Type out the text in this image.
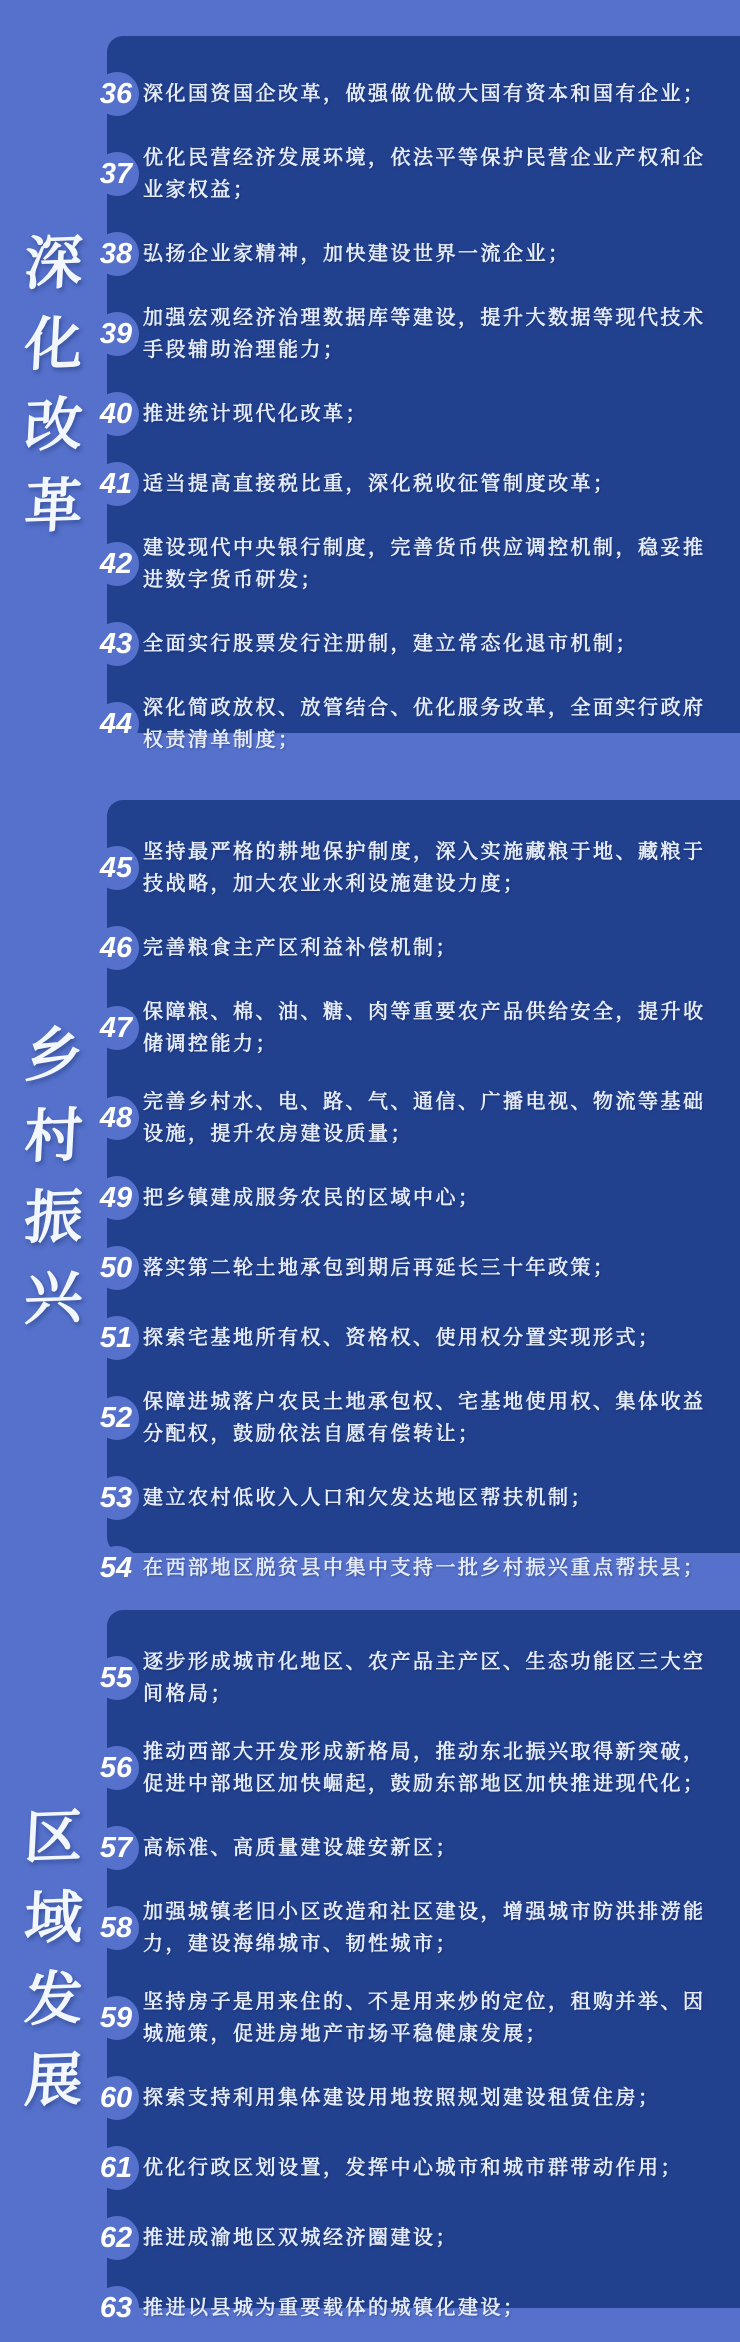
深
化
改
革
36 深化国资国企改革，做强做优做大国有资本和国有企业；
37 优化民营经济发展环境，依法平等保护民营企业产权和企业家权益；
38 弘扬企业家精神，加快建设世界一流企业；
39 加强宏观经济治理数据库等建设，提升大数据等现代技术手段辅助治理能力；
40 推进统计现代化改革；
41 适当提高直接税比重，深化税收征管制度改革；
42 建设现代中央银行制度，完善货币供应调控机制，稳妥推进数字货币研发；
43 全面实行股票发行注册制，建立常态化退市机制；
44 深化简政放权、放管结合、优化服务改革，全面实行政府权责清单制度；
乡
村
振
兴
45 坚持最严格的耕地保护制度，深入实施藏粮于地、藏粮于技战略，加大农业水利设施建设力度；
46 完善粮食主产区利益补偿机制；
47 保障粮、棉、油、糖、肉等重要农产品供给安全，提升收储调控能力；
48 完善乡村水、电、路、气、通信、广播电视、物流等基础设施，提升农房建设质量；
49 把乡镇建成服务农民的区域中心；
50 落实第二轮土地承包到期后再延长三十年政策；
51 探索宅基地所有权、资格权、使用权分置实现形式；
52 保障进城落户农民土地承包权、宅基地使用权、集体收益分配权，鼓励依法自愿有偿转让；
53 建立农村低收入人口和欠发达地区帮扶机制；
54 在西部地区脱贫县中集中支持一批乡村振兴重点帮扶县；
区
域
发
展
55 逐步形成城市化地区、农产品主产区、生态功能区三大空间格局；
56 推动西部大开发形成新格局，推动东北振兴取得新突破，促进中部地区加快崛起，鼓励东部地区加快推进现代化；
57 高标准、高质量建设雄安新区；
58 加强城镇老旧小区改造和社区建设，增强城市防洪排涝能力，建设海绵城市、韧性城市；
59 坚持房子是用来住的、不是用来炒的定位，租购并举、因城施策，促进房地产市场平稳健康发展；
60 探索支持利用集体建设用地按照规划建设租赁住房；
61 优化行政区划设置，发挥中心城市和城市群带动作用；
62 推进成渝地区双城经济圈建设；
63 推进以县城为重要载体的城镇化建设；
